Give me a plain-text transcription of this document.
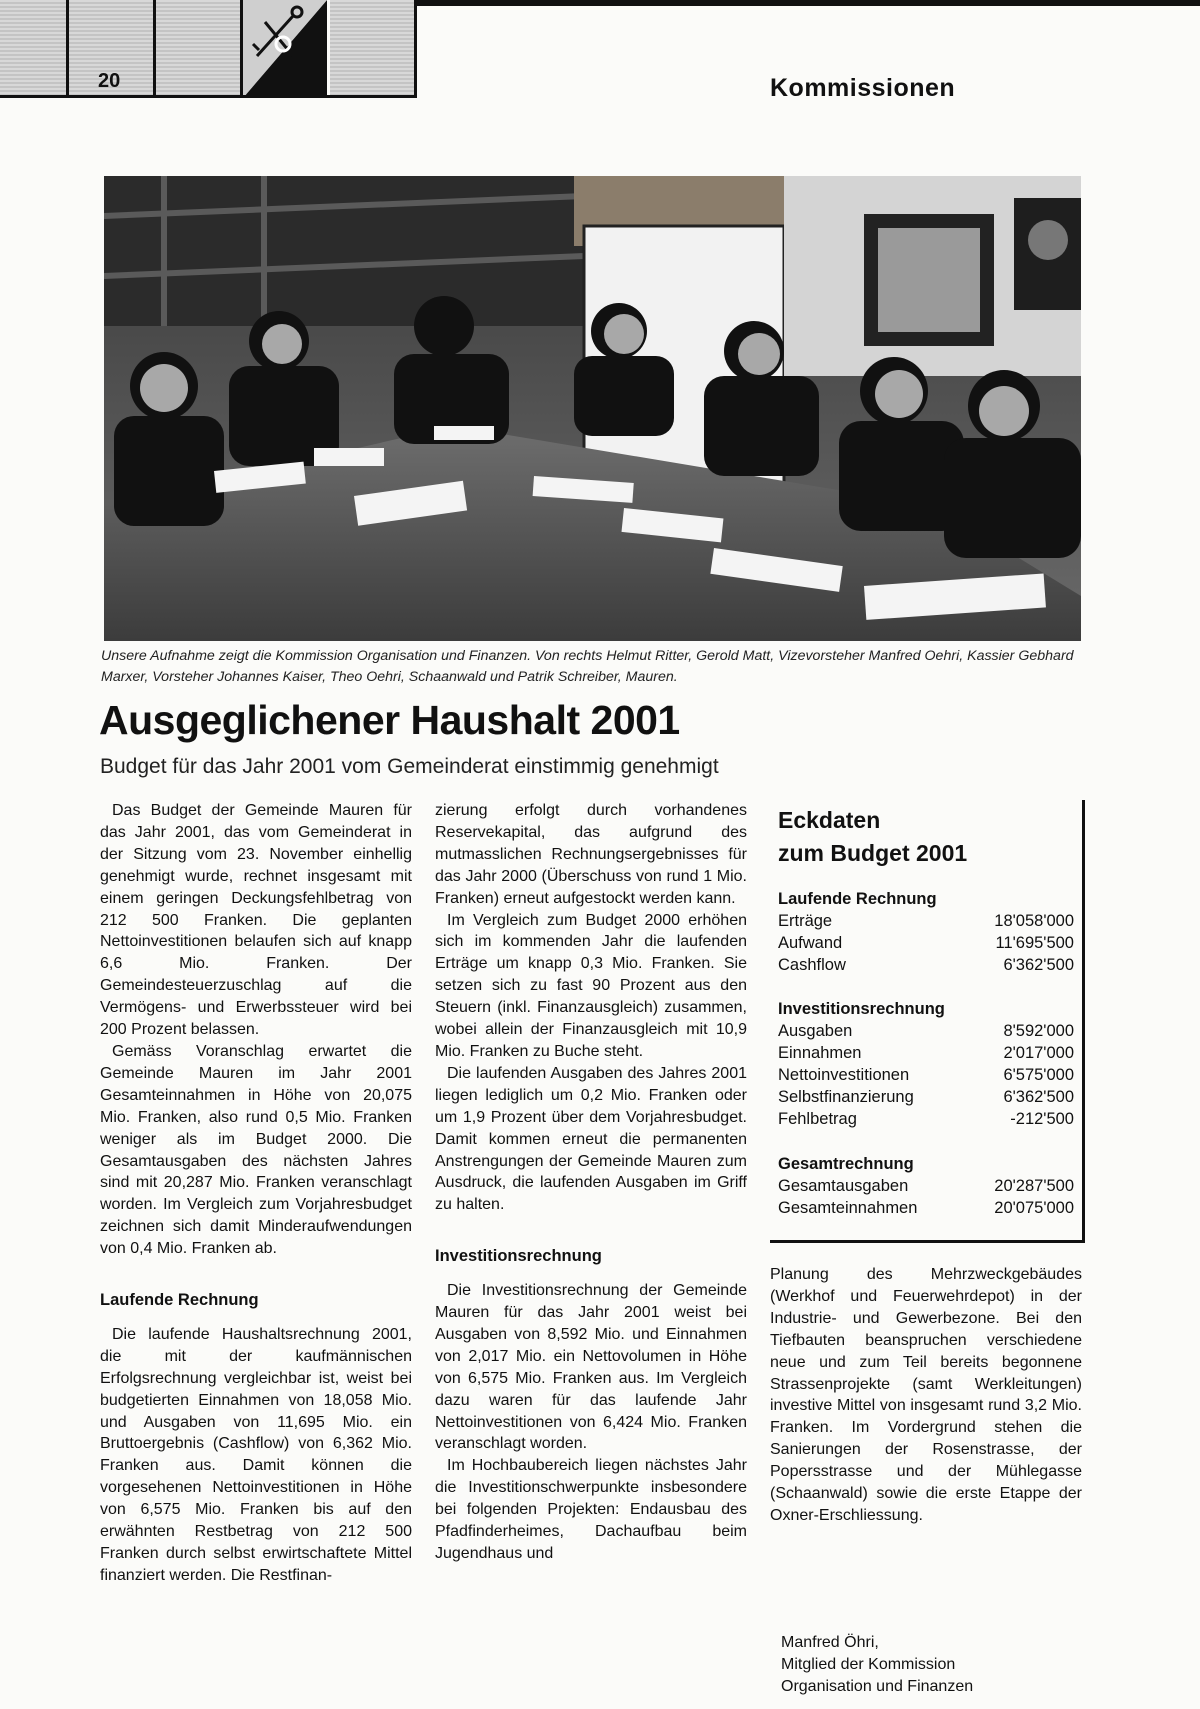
20	Kommissionen
Unsere Aufnahme zeigt die Kommission Organisation und Finanzen. Von rechts Helmut Ritter, Gerold Matt, Vizevorsteher Manfred Oehri, Kassier Gebhard Marxer, Vorsteher Johannes Kaiser, Theo Oehri, Schaanwald und Patrik Schreiber, Mauren.
Ausgeglichener Haushalt 2001
Budget für das Jahr 2001 vom Gemeinderat einstimmig genehmigt

Das Budget der Gemeinde Mauren für das Jahr 2001, das vom Gemeinderat in der Sitzung vom 23. November einhellig genehmigt wurde, rechnet insgesamt mit einem geringen Deckungsfehlbetrag von 212 500 Franken. Die geplanten Nettoinvestitionen belaufen sich auf knapp 6,6 Mio. Franken. Der Gemeindesteuerzuschlag auf die Vermögens- und Erwerbssteuer wird bei 200 Prozent belassen.

Gemäss Voranschlag erwartet die Gemeinde Mauren im Jahr 2001 Gesamteinnahmen in Höhe von 20,075 Mio. Franken, also rund 0,5 Mio. Franken weniger als im Budget 2000. Die Gesamtausgaben des nächsten Jahres sind mit 20,287 Mio. Franken veranschlagt worden. Im Vergleich zum Vorjahresbudget zeichnen sich damit Minderaufwendungen von 0,4 Mio. Franken ab.

Laufende Rechnung

Die laufende Haushaltsrechnung 2001, die mit der kaufmännischen Erfolgsrechnung vergleichbar ist, weist bei budgetierten Einnahmen von 18,058 Mio. und Ausgaben von 11,695 Mio. ein Bruttoergebnis (Cashflow) von 6,362 Mio. Franken aus. Damit können die vorgesehenen Nettoinvestitionen in Höhe von 6,575 Mio. Franken bis auf den erwähnten Restbetrag von 212 500 Franken durch selbst erwirtschaftete Mittel finanziert werden. Die Restfinan-

zierung erfolgt durch vorhandenes Reservekapital, das aufgrund des mutmasslichen Rechnungsergebnisses für das Jahr 2000 (Überschuss von rund 1 Mio. Franken) erneut aufgestockt werden kann.

Im Vergleich zum Budget 2000 erhöhen sich im kommenden Jahr die laufenden Erträge um knapp 0,3 Mio. Franken. Sie setzen sich zu fast 90 Prozent aus den Steuern (inkl. Finanzausgleich) zusammen, wobei allein der Finanzausgleich mit 10,9 Mio. Franken zu Buche steht.

Die laufenden Ausgaben des Jahres 2001 liegen lediglich um 0,2 Mio. Franken oder um 1,9 Prozent über dem Vorjahresbudget. Damit kommen erneut die permanenten Anstrengungen der Gemeinde Mauren zum Ausdruck, die laufenden Ausgaben im Griff zu halten.

Investitionsrechnung

Die Investitionsrechnung der Gemeinde Mauren für das Jahr 2001 weist bei Ausgaben von 8,592 Mio. und Einnahmen von 2,017 Mio. ein Nettovolumen in Höhe von 6,575 Mio. Franken aus. Im Vergleich dazu waren für das laufende Jahr Nettoinvestitionen von 6,424 Mio. Franken veranschlagt worden.

Im Hochbaubereich liegen nächstes Jahr die Investitionschwerpunkte insbesondere bei folgenden Projekten: Endausbau des Pfadfinderheimes, Dachaufbau beim Jugendhaus und

Eckdaten
zum Budget 2001
Laufende Rechnung
Erträge	18'058'000
Aufwand	11'695'500
Cashflow	6'362'500
Investitionsrechnung
Ausgaben	8'592'000
Einnahmen	2'017'000
Nettoinvestitionen	6'575'000
Selbstfinanzierung	6'362'500
Fehlbetrag	-212'500
Gesamtrechnung
Gesamtausgaben	20'287'500
Gesamteinnahmen	20'075'000

Planung des Mehrzweckgebäudes (Werkhof und Feuerwehrdepot) in der Industrie- und Gewerbezone. Bei den Tiefbauten beanspruchen verschiedene neue und zum Teil bereits begonnene Strassenprojekte (samt Werkleitungen) investive Mittel von insgesamt rund 3,2 Mio. Franken. Im Vordergrund stehen die Sanierungen der Rosenstrasse, der Popersstrasse und der Mühlegasse (Schaanwald) sowie die erste Etappe der Oxner-Erschliessung.

Manfred Öhri,
Mitglied der Kommission
Organisation und Finanzen
